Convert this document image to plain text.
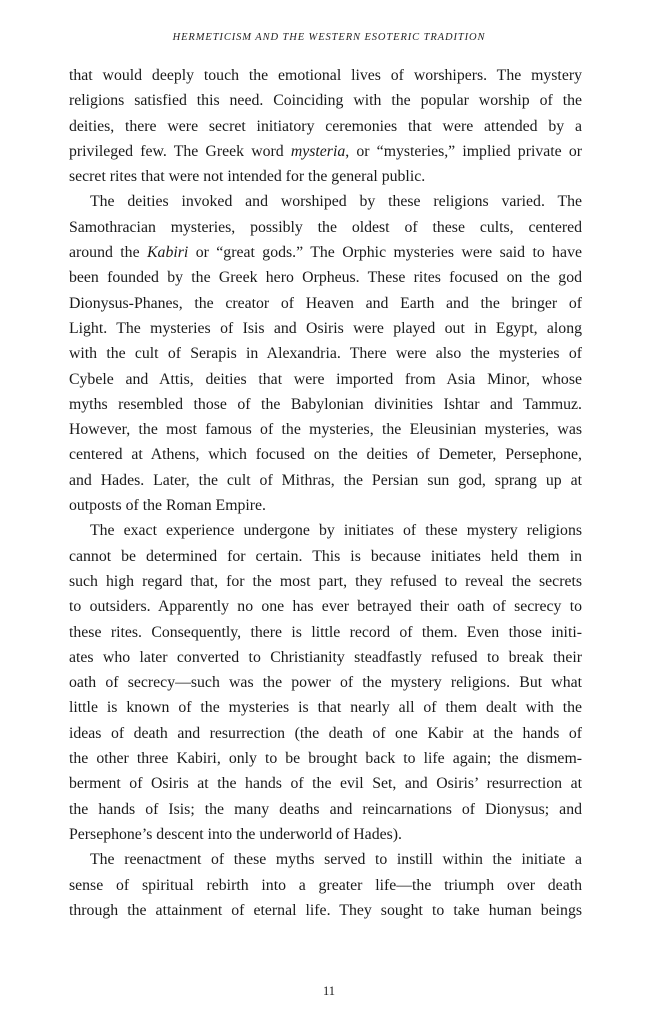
HERMETICISM AND THE WESTERN ESOTERIC TRADITION
that would deeply touch the emotional lives of worshipers. The mystery
religions satisfied this need. Coinciding with the popular worship of the
deities, there were secret initiatory ceremonies that were attended by a
privileged few. The Greek word mysteria, or “mysteries,” implied private or
secret rites that were not intended for the general public.
The deities invoked and worshiped by these religions varied. The
Samothracian mysteries, possibly the oldest of these cults, centered
around the Kabiri or “great gods.” The Orphic mysteries were said to have
been founded by the Greek hero Orpheus. These rites focused on the god
Dionysus-Phanes, the creator of Heaven and Earth and the bringer of
Light. The mysteries of Isis and Osiris were played out in Egypt, along
with the cult of Serapis in Alexandria. There were also the mysteries of
Cybele and Attis, deities that were imported from Asia Minor, whose
myths resembled those of the Babylonian divinities Ishtar and Tammuz.
However, the most famous of the mysteries, the Eleusinian mysteries, was
centered at Athens, which focused on the deities of Demeter, Persephone,
and Hades. Later, the cult of Mithras, the Persian sun god, sprang up at
outposts of the Roman Empire.
The exact experience undergone by initiates of these mystery religions
cannot be determined for certain. This is because initiates held them in
such high regard that, for the most part, they refused to reveal the secrets
to outsiders. Apparently no one has ever betrayed their oath of secrecy to
these rites. Consequently, there is little record of them. Even those initi-
ates who later converted to Christianity steadfastly refused to break their
oath of secrecy—such was the power of the mystery religions. But what
little is known of the mysteries is that nearly all of them dealt with the
ideas of death and resurrection (the death of one Kabir at the hands of
the other three Kabiri, only to be brought back to life again; the dismem-
berment of Osiris at the hands of the evil Set, and Osiris’ resurrection at
the hands of Isis; the many deaths and reincarnations of Dionysus; and
Persephone’s descent into the underworld of Hades).
The reenactment of these myths served to instill within the initiate a
sense of spiritual rebirth into a greater life—the triumph over death
through the attainment of eternal life. They sought to take human beings
11
